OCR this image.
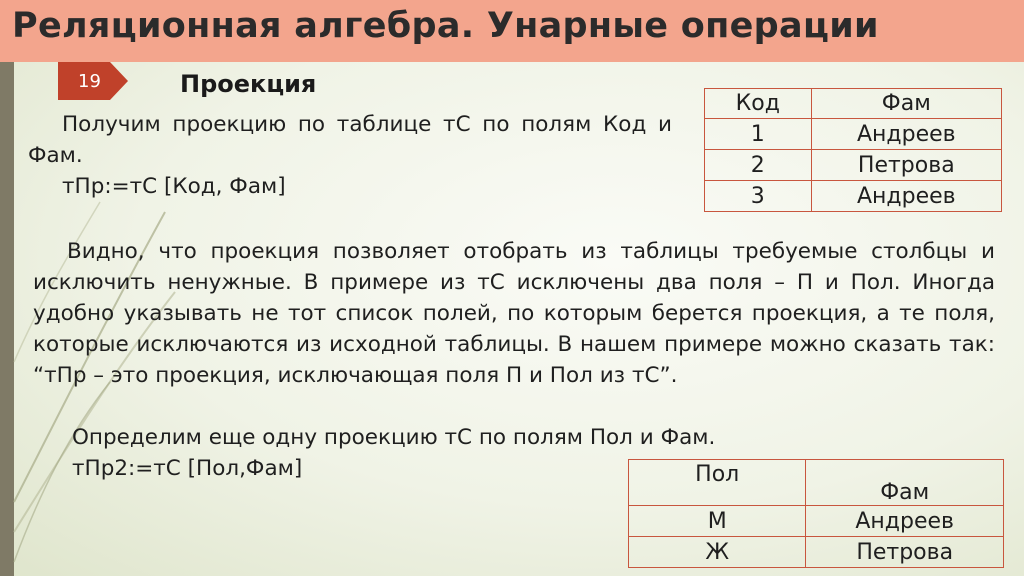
Реляционная алгебра. Унарные операции
19	Проекция
Получим проекцию по таблице тС по полям Код и Фам.
тПр:=тС [Код, Фам]
Видно, что проекция позволяет отобрать из таблицы требуемые столбцы и исключить ненужные. В примере из тС исключены два поля – П и Пол. Иногда удобно указывать не тот список полей, по которым берется проекция, а те поля, которые исключаются из исходной таблицы. В нашем примере можно сказать так: “тПр – это проекция, исключающая поля П и Пол из тС”.
Определим еще одну проекцию тС по полям Пол и Фам.
тПр2:=тС [Пол,Фам]
Код	Фам
1	Андреев
2	Петрова
3	Андреев
Пол	Фам
М	Андреев
Ж	Петрова
